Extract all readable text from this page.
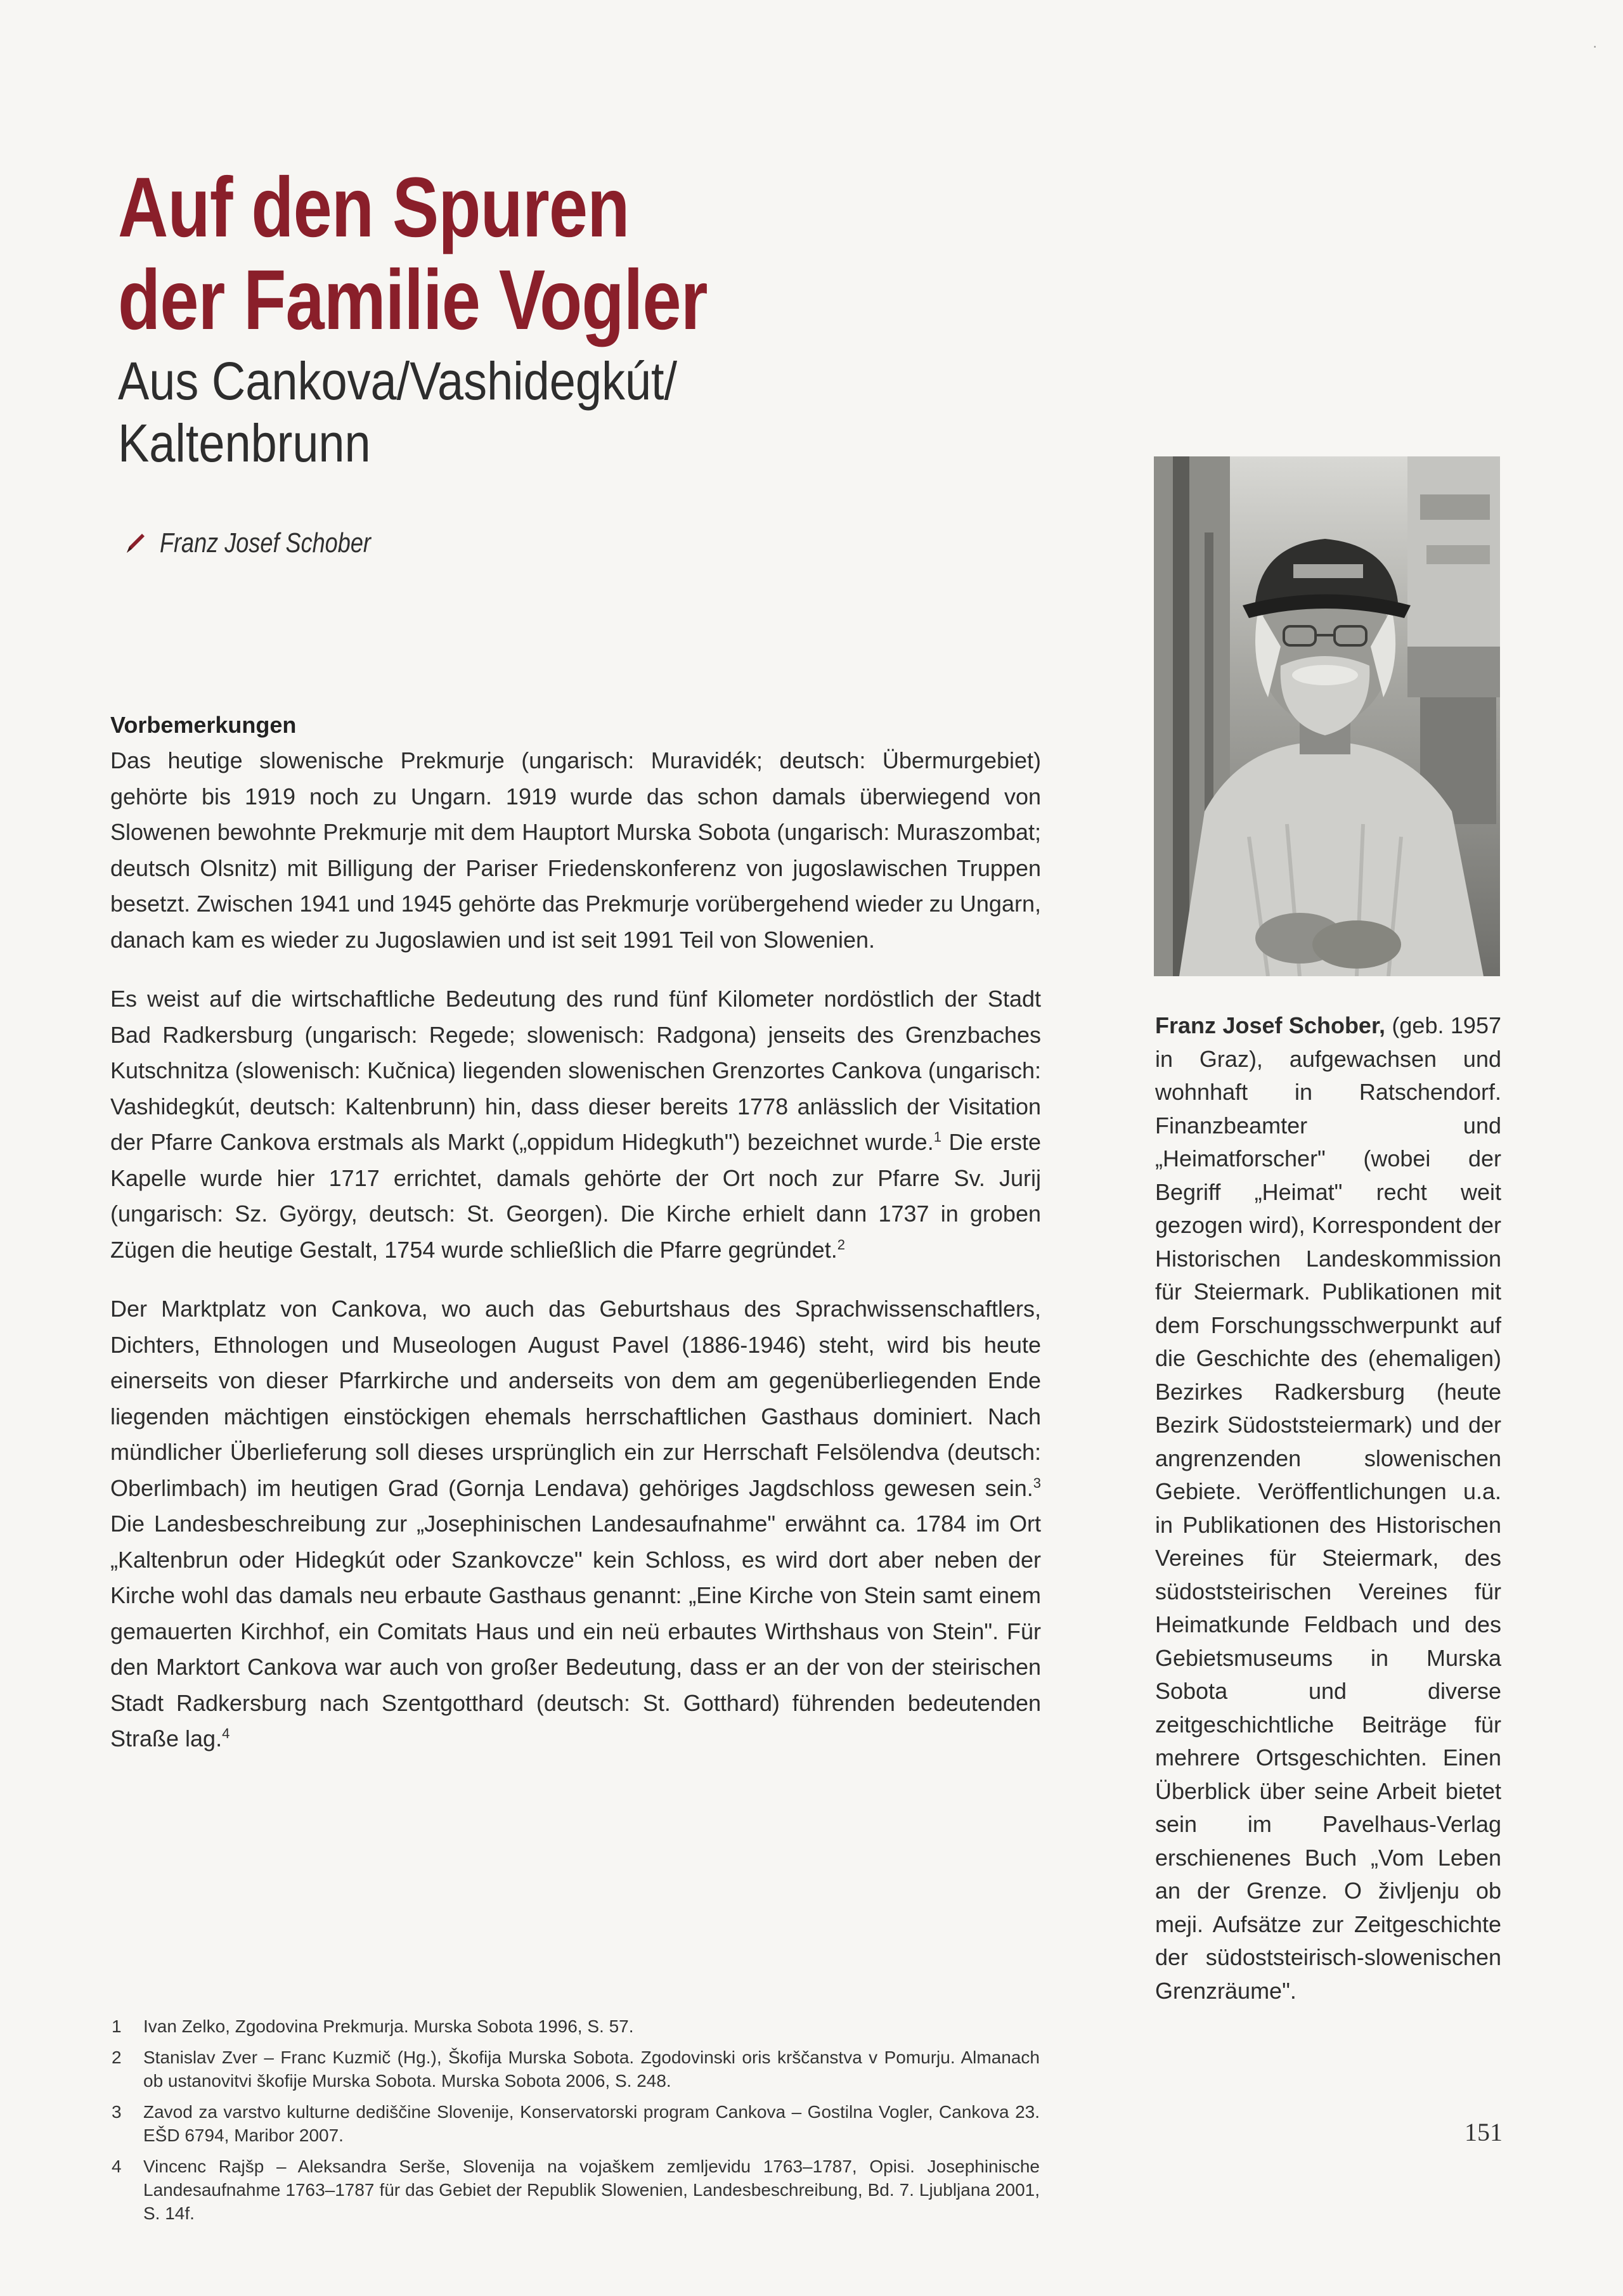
·
Auf den Spuren
der Familie Vogler
Aus Cankova/Vashidegkút/
Kaltenbrunn
Franz Josef Schober
Vorbemerkungen

Das heutige slowenische Prekmurje (ungarisch: Muravidék; deutsch: Übermurgebiet) gehörte bis 1919 noch zu Ungarn. 1919 wurde das schon damals überwiegend von Slowenen bewohnte Prekmurje mit dem Hauptort Murska Sobota (ungarisch: Muraszombat; deutsch Olsnitz) mit Billigung der Pariser Friedenskonferenz von jugoslawischen Truppen besetzt. Zwischen 1941 und 1945 gehörte das Prekmurje vorübergehend wieder zu Ungarn, danach kam es wieder zu Jugoslawien und ist seit 1991 Teil von Slowenien.

Es weist auf die wirtschaftliche Bedeutung des rund fünf Kilometer nordöstlich der Stadt Bad Radkersburg (ungarisch: Regede; slowenisch: Radgona) jenseits des Grenzbaches Kutschnitza (slowenisch: Kučnica) liegenden slowenischen Grenzortes Cankova (ungarisch: Vashidegkút, deutsch: Kaltenbrunn) hin, dass dieser bereits 1778 anlässlich der Visitation der Pfarre Cankova erstmals als Markt („oppidum Hidegkuth") bezeichnet wurde.$^1$ Die erste Kapelle wurde hier 1717 errichtet, damals gehörte der Ort noch zur Pfarre Sv. Jurij (ungarisch: Sz. György, deutsch: St. Georgen). Die Kirche erhielt dann 1737 in groben Zügen die heutige Gestalt, 1754 wurde schließlich die Pfarre gegründet.$^2$

Der Marktplatz von Cankova, wo auch das Geburtshaus des Sprachwissenschaftlers, Dichters, Ethnologen und Museologen August Pavel (1886-1946) steht, wird bis heute einerseits von dieser Pfarrkirche und anderseits von dem am gegenüberliegenden Ende liegenden mächtigen einstöckigen ehemals herrschaftlichen Gasthaus dominiert. Nach mündlicher Überlieferung soll dieses ursprünglich ein zur Herrschaft Felsölendva (deutsch: Oberlimbach) im heutigen Grad (Gornja Lendava) gehöriges Jagdschloss gewesen sein.$^3$ Die Landesbeschreibung zur „Josephinischen Landesaufnahme" erwähnt ca. 1784 im Ort „Kaltenbrun oder Hidegkút oder Szankovcze" kein Schloss, es wird dort aber neben der Kirche wohl das damals neu erbaute Gasthaus genannt: „Eine Kirche von Stein samt einem gemauerten Kirchhof, ein Comitats Haus und ein neü erbautes Wirthshaus von Stein". Für den Marktort Cankova war auch von großer Bedeutung, dass er an der von der steirischen Stadt Radkersburg nach Szentgotthard (deutsch: St. Gotthard) führenden bedeutenden Straße lag.$^4$

1	Ivan Zelko, Zgodovina Prekmurja. Murska Sobota 1996, S. 57.
2	Stanislav Zver – Franc Kuzmič (Hg.), Škofija Murska Sobota. Zgodovinski oris krščanstva v Pomurju. Almanach ob ustanovitvi škofije Murska Sobota. Murska Sobota 2006, S. 248.
3	Zavod za varstvo kulturne dediščine Slovenije, Konservatorski program Cankova – Gostilna Vogler, Cankova 23. EŠD 6794, Maribor 2007.
4	Vincenc Rajšp – Aleksandra Serše, Slovenija na vojaškem zemljevidu 1763–1787, Opisi. Josephinische Landesaufnahme 1763–1787 für das Gebiet der Republik Slowenien, Landesbeschreibung, Bd. 7. Ljubljana 2001, S. 14f.
Franz Josef Schober, (geb. 1957 in Graz), aufgewachsen und wohnhaft in Ratschendorf. Finanzbeamter und „Heimatforscher" (wobei der Begriff „Heimat" recht weit gezogen wird), Korrespondent der Historischen Landeskommission für Steiermark. Publikationen mit dem Forschungsschwerpunkt auf die Geschichte des (ehemaligen) Bezirkes Radkersburg (heute Bezirk Südoststeiermark) und der angrenzenden slowenischen Gebiete. Veröffentlichungen u.a. in Publikationen des Historischen Vereines für Steiermark, des südoststeirischen Vereines für Heimatkunde Feldbach und des Gebietsmuseums in Murska Sobota und diverse zeitgeschichtliche Beiträge für mehrere Ortsgeschichten. Einen Überblick über seine Arbeit bietet sein im Pavelhaus-Verlag erschienenes Buch „Vom Leben an der Grenze. O življenju ob meji. Aufsätze zur Zeitgeschichte der südoststeirisch-slowenischen Grenzräume".
151
